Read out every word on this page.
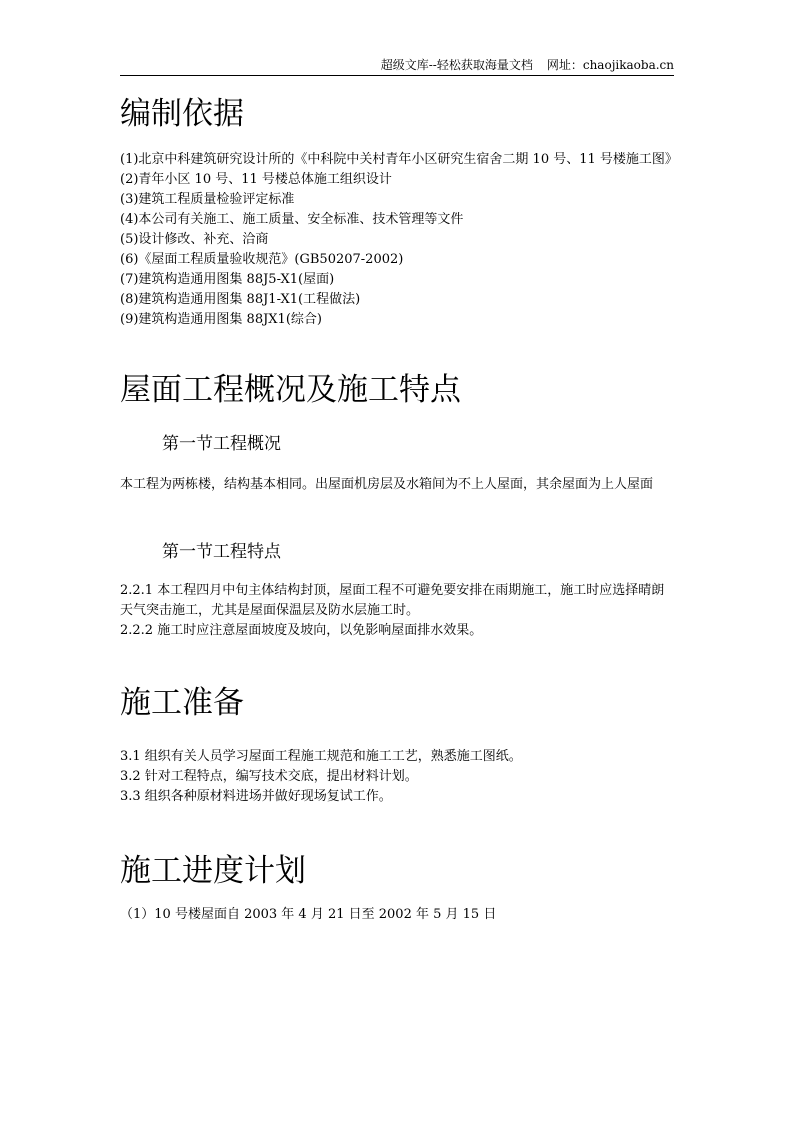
超级文库--轻松获取海量文档 网址：chaojikaoba.cn
编制依据

(1)北京中科建筑研究设计所的《中科院中关村青年小区研究生宿舍二期 10 号、11 号楼施工图》

(2)青年小区 10 号、11 号楼总体施工组织设计

(3)建筑工程质量检验评定标准

(4)本公司有关施工、施工质量、安全标准、技术管理等文件

(5)设计修改、补充、洽商

(6)《屋面工程质量验收规范》(GB50207-2002)

(7)建筑构造通用图集 88J5-X1(屋面)

(8)建筑构造通用图集 88J1-X1(工程做法)

(9)建筑构造通用图集 88JX1(综合)

屋面工程概况及施工特点
第一节工程概况

本工程为两栋楼，结构基本相同。出屋面机房层及水箱间为不上人屋面，其余屋面为上人屋面

第一节工程特点

2.2.1 本工程四月中旬主体结构封顶，屋面工程不可避免要安排在雨期施工，施工时应选择晴朗天气突击施工，尤其是屋面保温层及防水层施工时。

2.2.2 施工时应注意屋面坡度及坡向，以免影响屋面排水效果。

施工准备

3.1 组织有关人员学习屋面工程施工规范和施工工艺，熟悉施工图纸。

3.2 针对工程特点，编写技术交底，提出材料计划。

3.3 组织各种原材料进场并做好现场复试工作。

施工进度计划

（1）10 号楼屋面自 2003 年 4 月 21 日至 2002 年 5 月 15 日
